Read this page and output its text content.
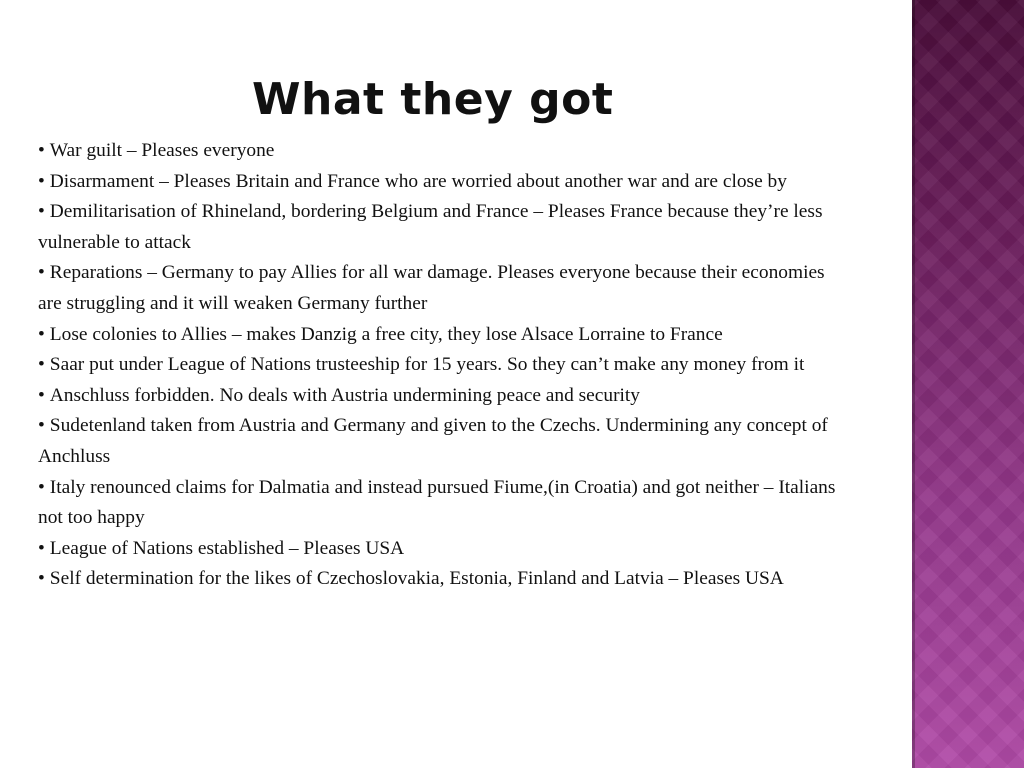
What they got
• War guilt – Pleases everyone
• Disarmament – Pleases Britain and France who are worried about another war and are close by
• Demilitarisation of Rhineland, bordering Belgium and France – Pleases France because they’re less vulnerable to attack
• Reparations – Germany to pay Allies for all war damage. Pleases everyone because their economies are struggling and it will weaken Germany further
• Lose colonies to Allies – makes Danzig a free city, they lose Alsace Lorraine to France
• Saar put under League of Nations trusteeship for 15 years. So they can’t make any money from it
• Anschluss forbidden. No deals with Austria undermining peace and security
• Sudetenland taken from Austria and Germany and given to the Czechs. Undermining any concept of Anchluss
• Italy renounced claims for Dalmatia and instead pursued Fiume,(in Croatia) and got neither – Italians not too happy
• League of Nations established – Pleases USA
• Self determination for the likes of Czechoslovakia, Estonia, Finland and Latvia – Pleases USA
